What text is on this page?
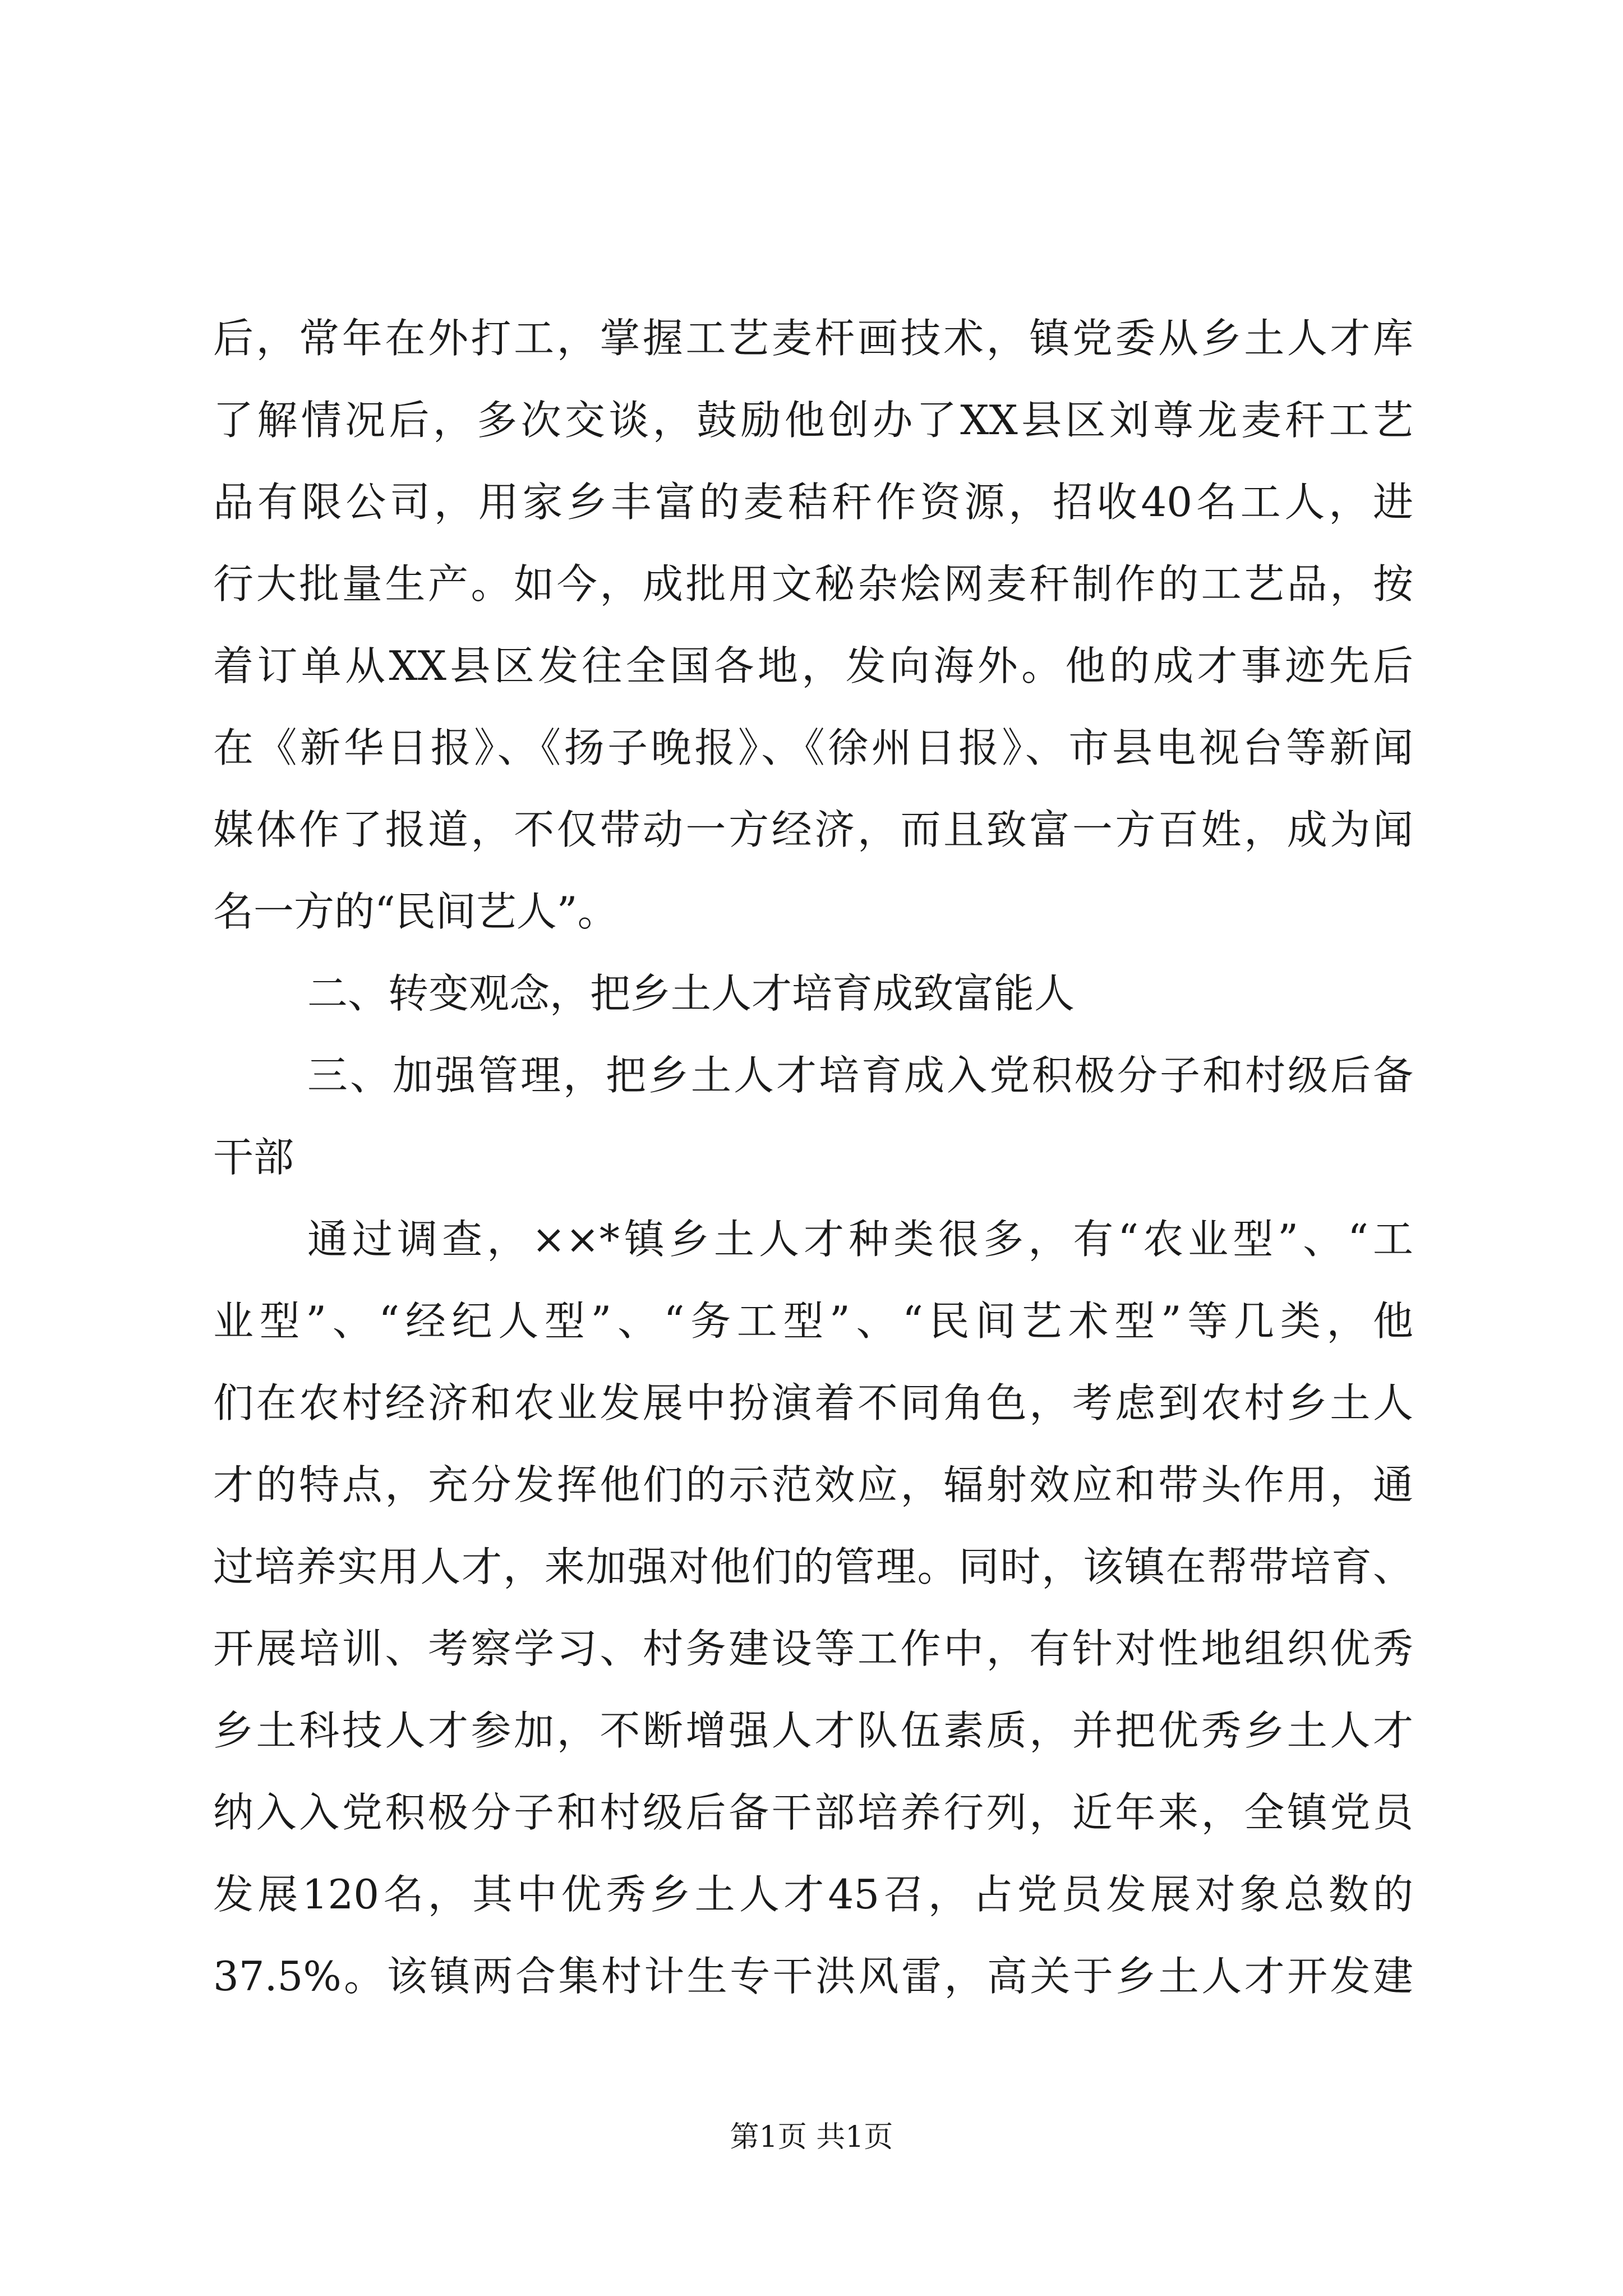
后，常年在外打工，掌握工艺麦杆画技术，镇党委从乡土人才库
了解情况后，多次交谈，鼓励他创办了XX县区刘尊龙麦秆工艺
品有限公司，用家乡丰富的麦秸秆作资源，招收40名工人，进
行大批量生产。如今，成批用文秘杂烩网麦秆制作的工艺品，按
着订单从XX县区发往全国各地，发向海外。他的成才事迹先后
在《新华日报》、《扬子晚报》、《徐州日报》、市县电视台等新闻
媒体作了报道，不仅带动一方经济，而且致富一方百姓，成为闻
名一方的“民间艺人”。
二、转变观念，把乡土人才培育成致富能人
三、加强管理，把乡土人才培育成入党积极分子和村级后备
干部
通过调查，××*镇乡土人才种类很多，有“农业型”、“工
业型”、“经纪人型”、“务工型”、“民间艺术型”等几类，他
们在农村经济和农业发展中扮演着不同角色，考虑到农村乡土人
才的特点，充分发挥他们的示范效应，辐射效应和带头作用，通
过培养实用人才，来加强对他们的管理。同时，该镇在帮带培育、
开展培训、考察学习、村务建设等工作中，有针对性地组织优秀
乡土科技人才参加，不断增强人才队伍素质，并把优秀乡土人才
纳入入党积极分子和村级后备干部培养行列，近年来，全镇党员
发展120名，其中优秀乡土人才45召，占党员发展对象总数的
37.5%。该镇两合集村计生专干洪风雷，高关于乡土人才开发建
第1页 共1页
